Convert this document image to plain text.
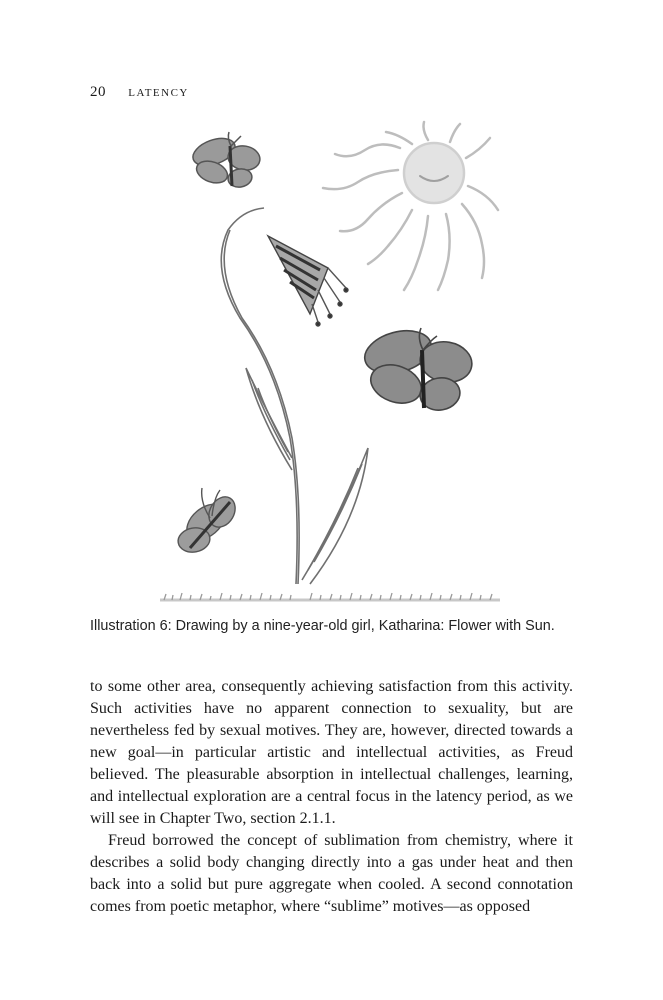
20 LATENCY
Illustration 6: Drawing by a nine-year-old girl, Katharina: Flower with Sun.

to some other area, consequently achieving satisfaction from this activity. Such activities have no apparent connection to sexuality, but are nevertheless fed by sexual motives. They are, however, directed towards a new goal—in particular artistic and intellectual activities, as Freud believed. The pleasurable absorption in intellectual challenges, learning, and intellectual exploration are a central focus in the latency period, as we will see in Chapter Two, section 2.1.1.

Freud borrowed the concept of sublimation from chemistry, where it describes a solid body changing directly into a gas under heat and then back into a solid but pure aggregate when cooled. A second connotation comes from poetic metaphor, where “sublime” motives—as opposed
